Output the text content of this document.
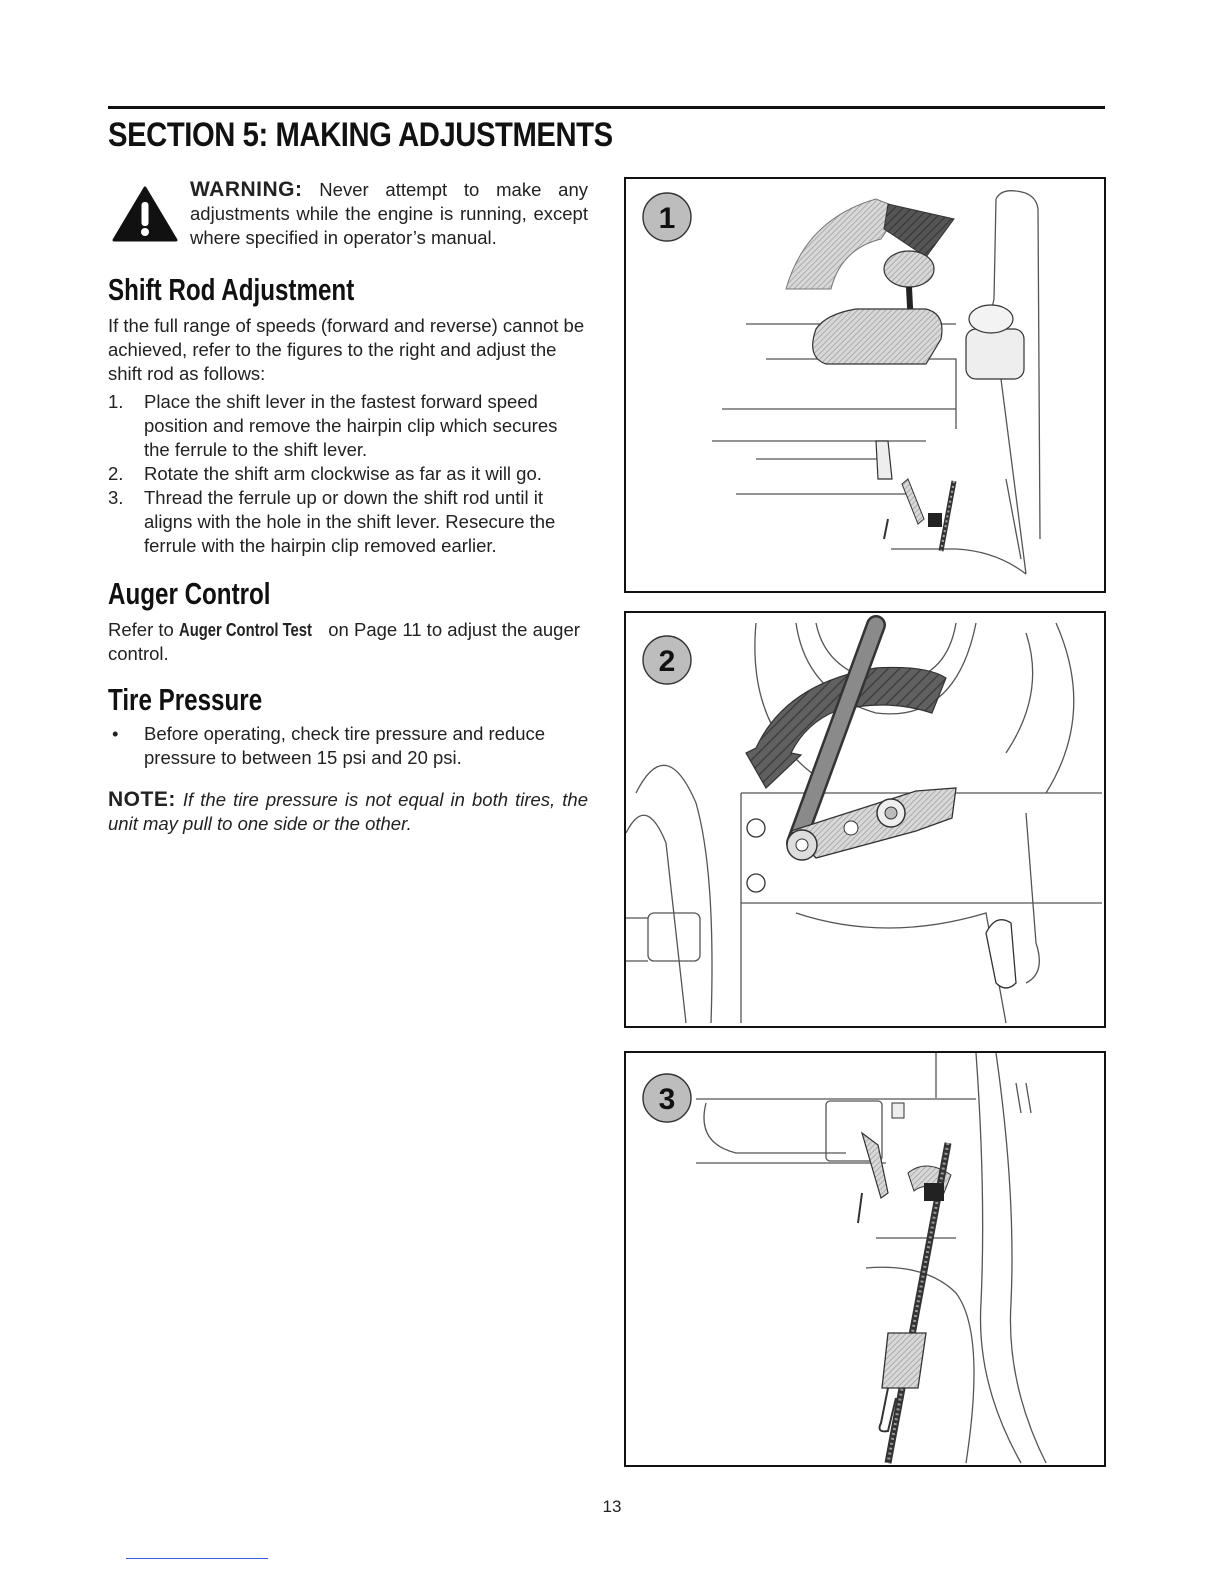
SECTION 5: MAKING ADJUSTMENTS

WARNING: Never attempt to make any adjustments while the engine is running, except where specified in operator’s manual.

Shift Rod Adjustment

If the full range of speeds (forward and reverse) cannot be achieved, refer to the figures to the right and adjust the shift rod as follows:

1. Place the shift lever in the fastest forward speed position and remove the hairpin clip which secures the ferrule to the shift lever.
2. Rotate the shift arm clockwise as far as it will go.
3. Thread the ferrule up or down the shift rod until it aligns with the hole in the shift lever. Resecure the ferrule with the hairpin clip removed earlier.
Auger Control

Refer to Auger Control Test on Page 11 to adjust the auger control.

Tire Pressure

• Before operating, check tire pressure and reduce pressure to between 15 psi and 20 psi.

NOTE: If the tire pressure is not equal in both tires, the unit may pull to one side or the other.

1
2
3
13
